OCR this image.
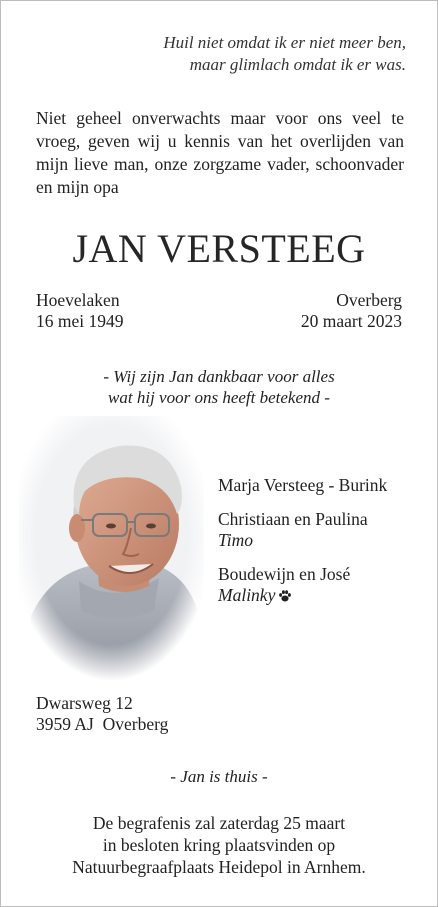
Huil niet omdat ik er niet meer ben,
maar glimlach omdat ik er was.
Niet geheel onverwachts maar voor ons veel te vroeg, geven wij u kennis van het overlijden van mijn lieve man, onze zorgzame vader, schoonvader en mijn opa
JAN VERSTEEG
Hoevelaken
16 mei 1949
Overberg
20 maart 2023
- Wij zijn Jan dankbaar voor alles
wat hij voor ons heeft betekend -
Marja Versteeg - Burink
Christiaan en Paulina
Timo
Boudewijn en José
Malinky
Dwarsweg 12
3959 AJ  Overberg
- Jan is thuis -
De begrafenis zal zaterdag 25 maart
in besloten kring plaatsvinden op
Natuurbegraafplaats Heidepol in Arnhem.
